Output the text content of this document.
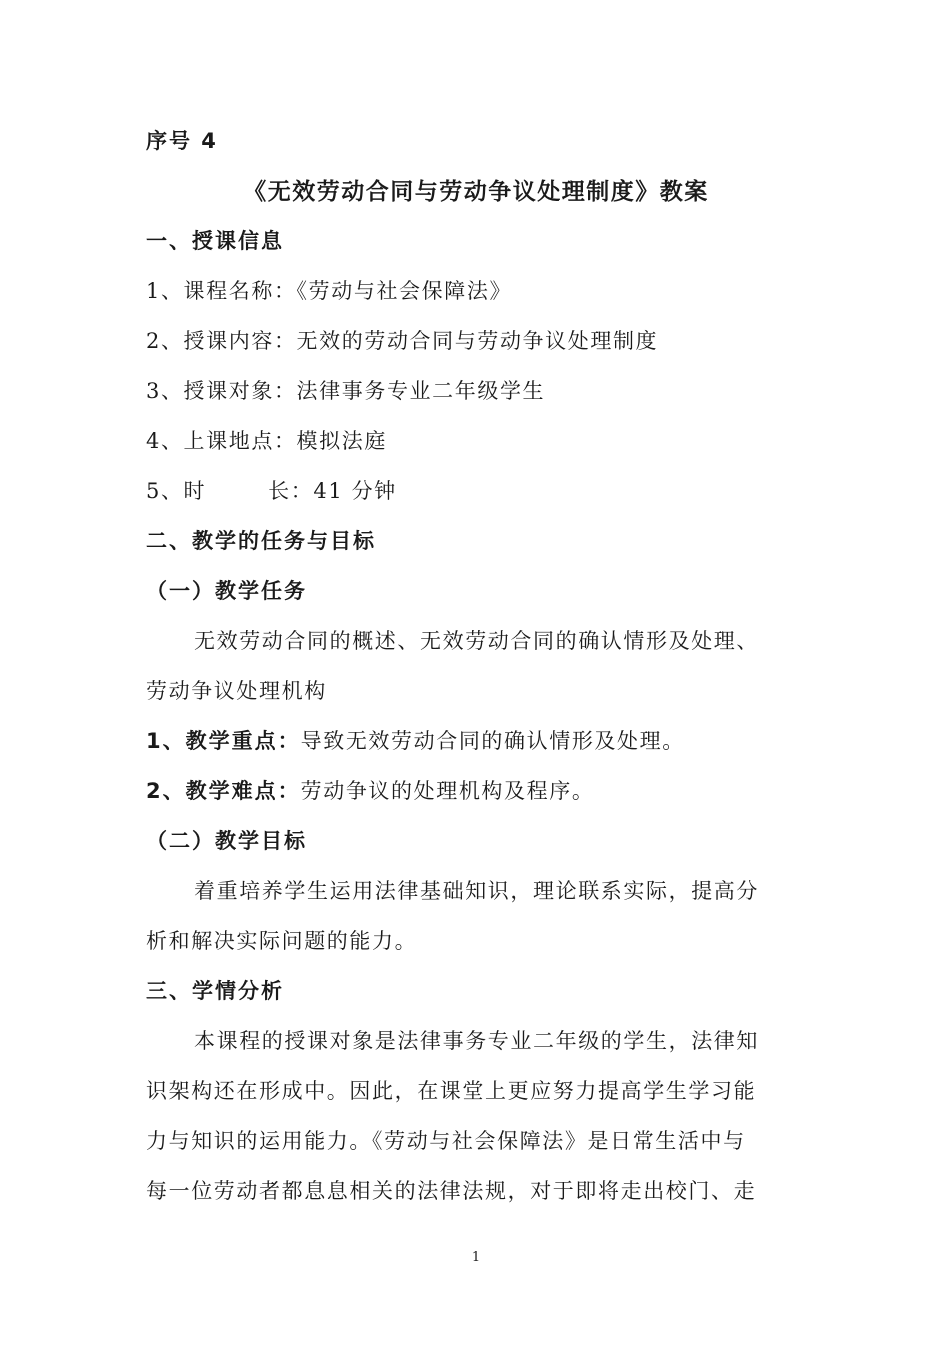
序号 4
《无效劳动合同与劳动争议处理制度》教案
一、授课信息
1、课程名称：《劳动与社会保障法》
2、授课内容：无效的劳动合同与劳动争议处理制度
3、授课对象：法律事务专业二年级学生
4、上课地点：模拟法庭
5、时	长：41 分钟
二、教学的任务与目标
（一）教学任务
无效劳动合同的概述、无效劳动合同的确认情形及处理、
劳动争议处理机构
1、教学重点：导致无效劳动合同的确认情形及处理。
2、教学难点：劳动争议的处理机构及程序。
（二）教学目标
着重培养学生运用法律基础知识，理论联系实际，提高分
析和解决实际问题的能力。
三、学情分析
本课程的授课对象是法律事务专业二年级的学生，法律知
识架构还在形成中。因此，在课堂上更应努力提高学生学习能
力与知识的运用能力。《劳动与社会保障法》是日常生活中与
每一位劳动者都息息相关的法律法规，对于即将走出校门、走
1
